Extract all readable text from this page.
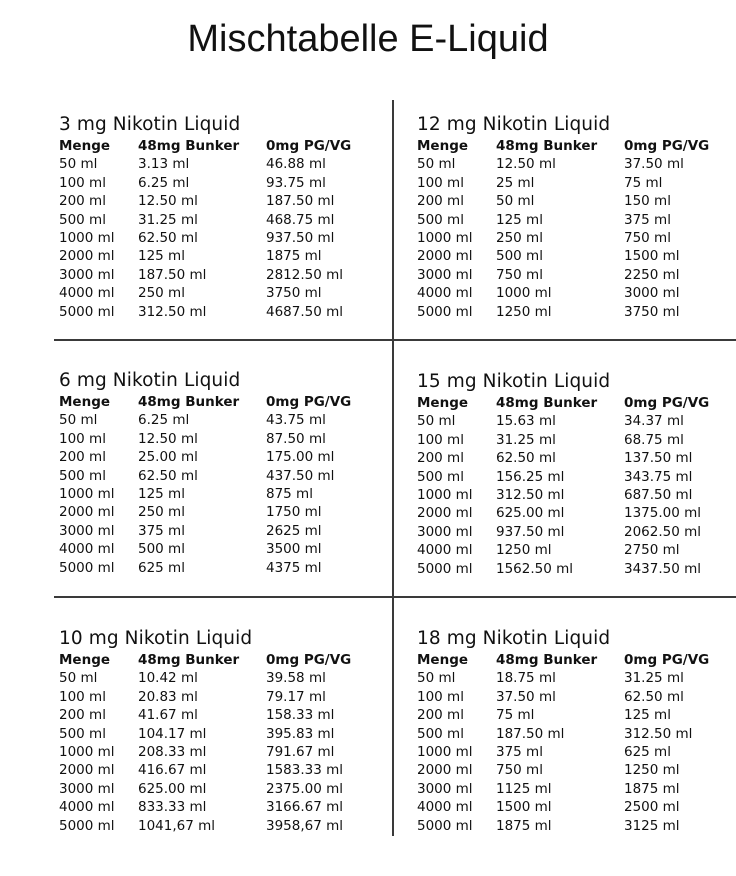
Mischtabelle E-Liquid
3 mg Nikotin Liquid
Menge	48mg Bunker	0mg PG/VG
50 ml	3.13 ml	46.88 ml
100 ml	6.25 ml	93.75 ml
200 ml	12.50 ml	187.50 ml
500 ml	31.25 ml	468.75 ml
1000 ml	62.50 ml	937.50 ml
2000 ml	125 ml	1875 ml
3000 ml	187.50 ml	2812.50 ml
4000 ml	250 ml	3750 ml
5000 ml	312.50 ml	4687.50 ml
12 mg Nikotin Liquid
Menge	48mg Bunker	0mg PG/VG
50 ml	12.50 ml	37.50 ml
100 ml	25 ml	75 ml
200 ml	50 ml	150 ml
500 ml	125 ml	375 ml
1000 ml	250 ml	750 ml
2000 ml	500 ml	1500 ml
3000 ml	750 ml	2250 ml
4000 ml	1000 ml	3000 ml
5000 ml	1250 ml	3750 ml
6 mg Nikotin Liquid
Menge	48mg Bunker	0mg PG/VG
50 ml	6.25 ml	43.75 ml
100 ml	12.50 ml	87.50 ml
200 ml	25.00 ml	175.00 ml
500 ml	62.50 ml	437.50 ml
1000 ml	125 ml	875 ml
2000 ml	250 ml	1750 ml
3000 ml	375 ml	2625 ml
4000 ml	500 ml	3500 ml
5000 ml	625 ml	4375 ml
15 mg Nikotin Liquid
Menge	48mg Bunker	0mg PG/VG
50 ml	15.63 ml	34.37 ml
100 ml	31.25 ml	68.75 ml
200 ml	62.50 ml	137.50 ml
500 ml	156.25 ml	343.75 ml
1000 ml	312.50 ml	687.50 ml
2000 ml	625.00 ml	1375.00 ml
3000 ml	937.50 ml	2062.50 ml
4000 ml	1250 ml	2750 ml
5000 ml	1562.50 ml	3437.50 ml
10 mg Nikotin Liquid
Menge	48mg Bunker	0mg PG/VG
50 ml	10.42 ml	39.58 ml
100 ml	20.83 ml	79.17 ml
200 ml	41.67 ml	158.33 ml
500 ml	104.17 ml	395.83 ml
1000 ml	208.33 ml	791.67 ml
2000 ml	416.67 ml	1583.33 ml
3000 ml	625.00 ml	2375.00 ml
4000 ml	833.33 ml	3166.67 ml
5000 ml	1041,67 ml	3958,67 ml
18 mg Nikotin Liquid
Menge	48mg Bunker	0mg PG/VG
50 ml	18.75 ml	31.25 ml
100 ml	37.50 ml	62.50 ml
200 ml	75 ml	125 ml
500 ml	187.50 ml	312.50 ml
1000 ml	375 ml	625 ml
2000 ml	750 ml	1250 ml
3000 ml	1125 ml	1875 ml
4000 ml	1500 ml	2500 ml
5000 ml	1875 ml	3125 ml
